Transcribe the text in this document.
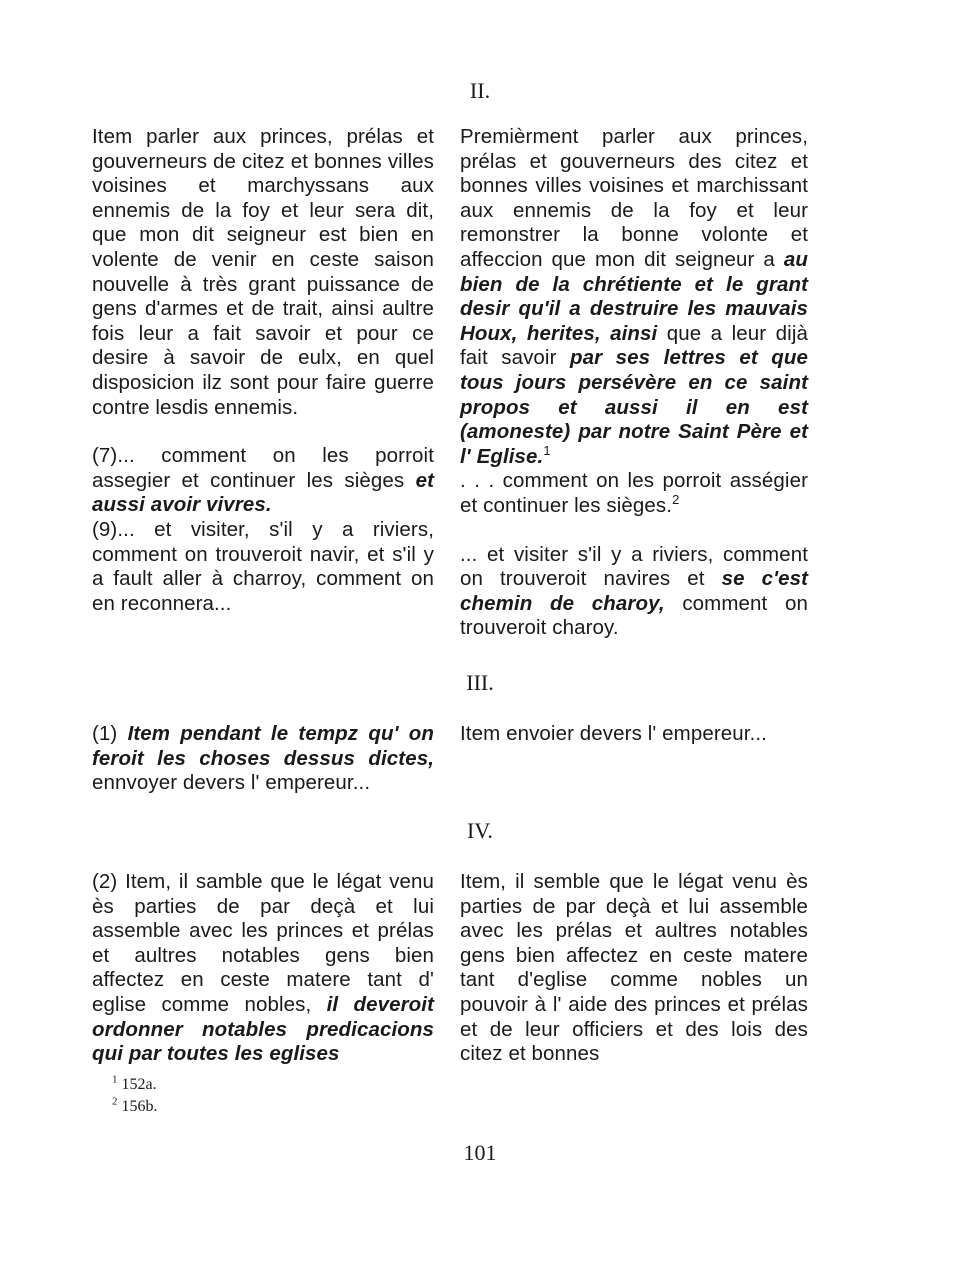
II.

Item parler aux princes, prélas et gouverneurs de citez et bonnes villes voisines et marchyssans aux ennemis de la foy et leur sera dit, que mon dit seigneur est bien en volente de venir en ceste saison nouvelle à très grant puissance de gens d'armes et de trait, ainsi aultre fois leur a fait savoir et pour ce desire à savoir de eulx, en quel disposicion ilz sont pour faire guerre contre lesdis ennemis.

(7)... comment on les porroit assegier et continuer les sièges et aussi avoir vivres.

(9)... et visiter, s'il y a riviers, comment on trouveroit navir, et s'il y a fault aller à charroy, comment on en reconnera...

Premièrment parler aux princes, prélas et gouverneurs des citez et bonnes villes voisines et marchissant aux ennemis de la foy et leur remonstrer la bonne volonte et affeccion que mon dit seigneur a au bien de la chrétiente et le grant desir qu'il a destruire les mauvais Houx, herites, ainsi que a leur dijà fait savoir par ses lettres et que tous jours persévère en ce saint propos et aussi il en est (amoneste) par notre Saint Père et l' Eglise.$^1$

. . . comment on les porroit asségier et continuer les sièges.$^2$

... et visiter s'il y a riviers, comment on trouveroit navires et se c'est chemin de charoy, comment on trouveroit charoy.

III.

(1) Item pendant le tempz qu' on feroit les choses dessus dictes, ennvoyer devers l' empereur...

Item envoier devers l' empereur...

IV.

(2) Item, il samble que le légat venu ès parties de par deçà et lui assemble avec les princes et prélas et aultres notables gens bien affectez en ceste matere tant d' eglise comme nobles, il deveroit ordonner notables predicacions qui par toutes les eglises

Item, il semble que le légat venu ès parties de par deçà et lui assemble avec les prélas et aultres notables gens bien affectez en ceste matere tant d'eglise comme nobles un pouvoir à l' aide des princes et prélas et de leur officiers et des lois des citez et bonnes

$^1$ 152a.
$^2$ 156b.
101
